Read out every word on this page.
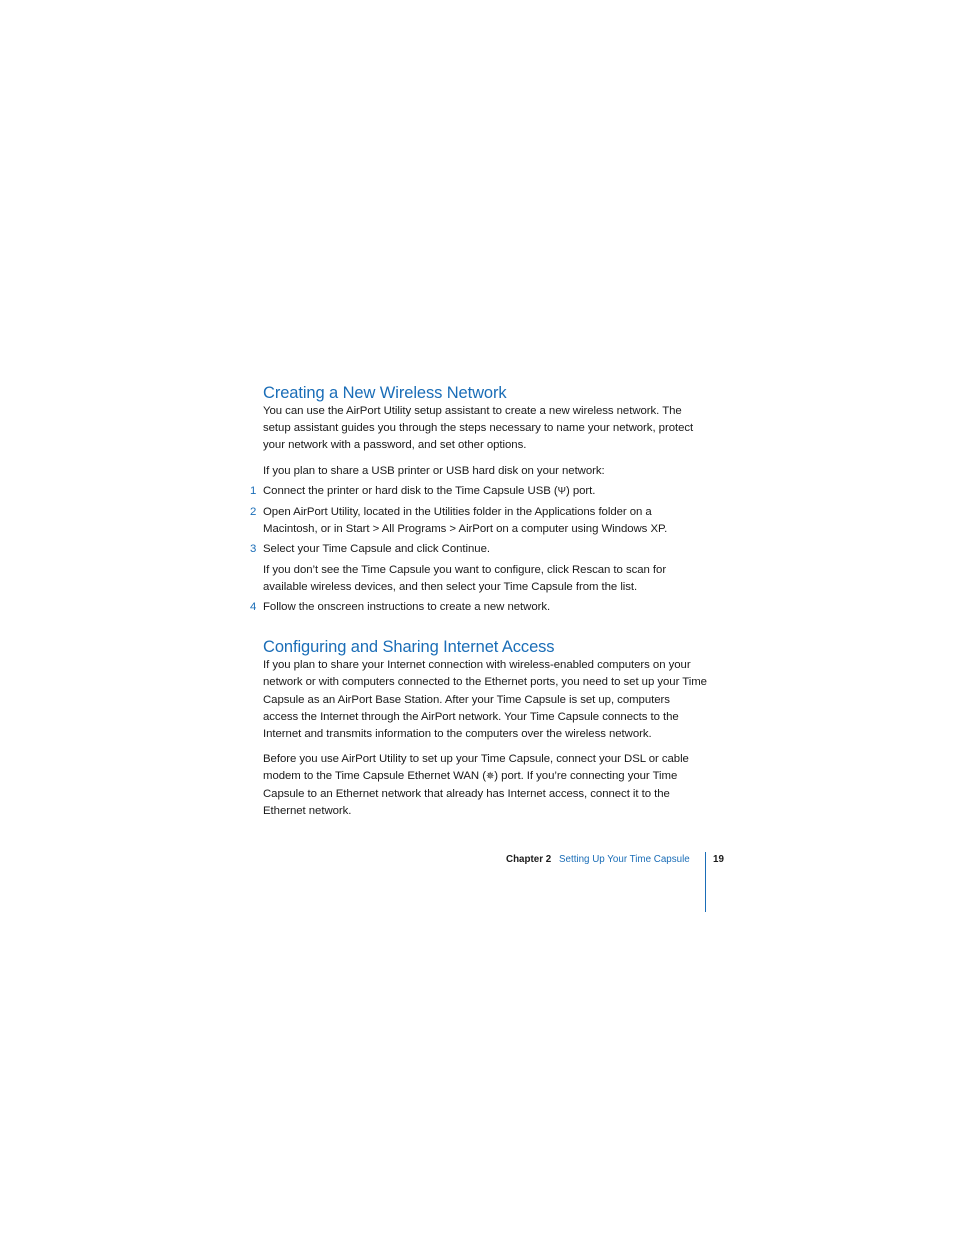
Creating a New Wireless Network

You can use the AirPort Utility setup assistant to create a new wireless network. The setup assistant guides you through the steps necessary to name your network, protect your network with a password, and set other options.

If you plan to share a USB printer or USB hard disk on your network:

1 Connect the printer or hard disk to the Time Capsule USB (Ψ) port.

2 Open AirPort Utility, located in the Utilities folder in the Applications folder on a Macintosh, or in Start > All Programs > AirPort on a computer using Windows XP.

3 Select your Time Capsule and click Continue.

If you don’t see the Time Capsule you want to configure, click Rescan to scan for available wireless devices, and then select your Time Capsule from the list.

4 Follow the onscreen instructions to create a new network.

Configuring and Sharing Internet Access

If you plan to share your Internet connection with wireless-enabled computers on your network or with computers connected to the Ethernet ports, you need to set up your Time Capsule as an AirPort Base Station. After your Time Capsule is set up, computers access the Internet through the AirPort network. Your Time Capsule connects to the Internet and transmits information to the computers over the wireless network.

Before you use AirPort Utility to set up your Time Capsule, connect your DSL or cable modem to the Time Capsule Ethernet WAN (✵) port. If you’re connecting your Time Capsule to an Ethernet network that already has Internet access, connect it to the Ethernet network.

Chapter 2 Setting Up Your Time Capsule 19
